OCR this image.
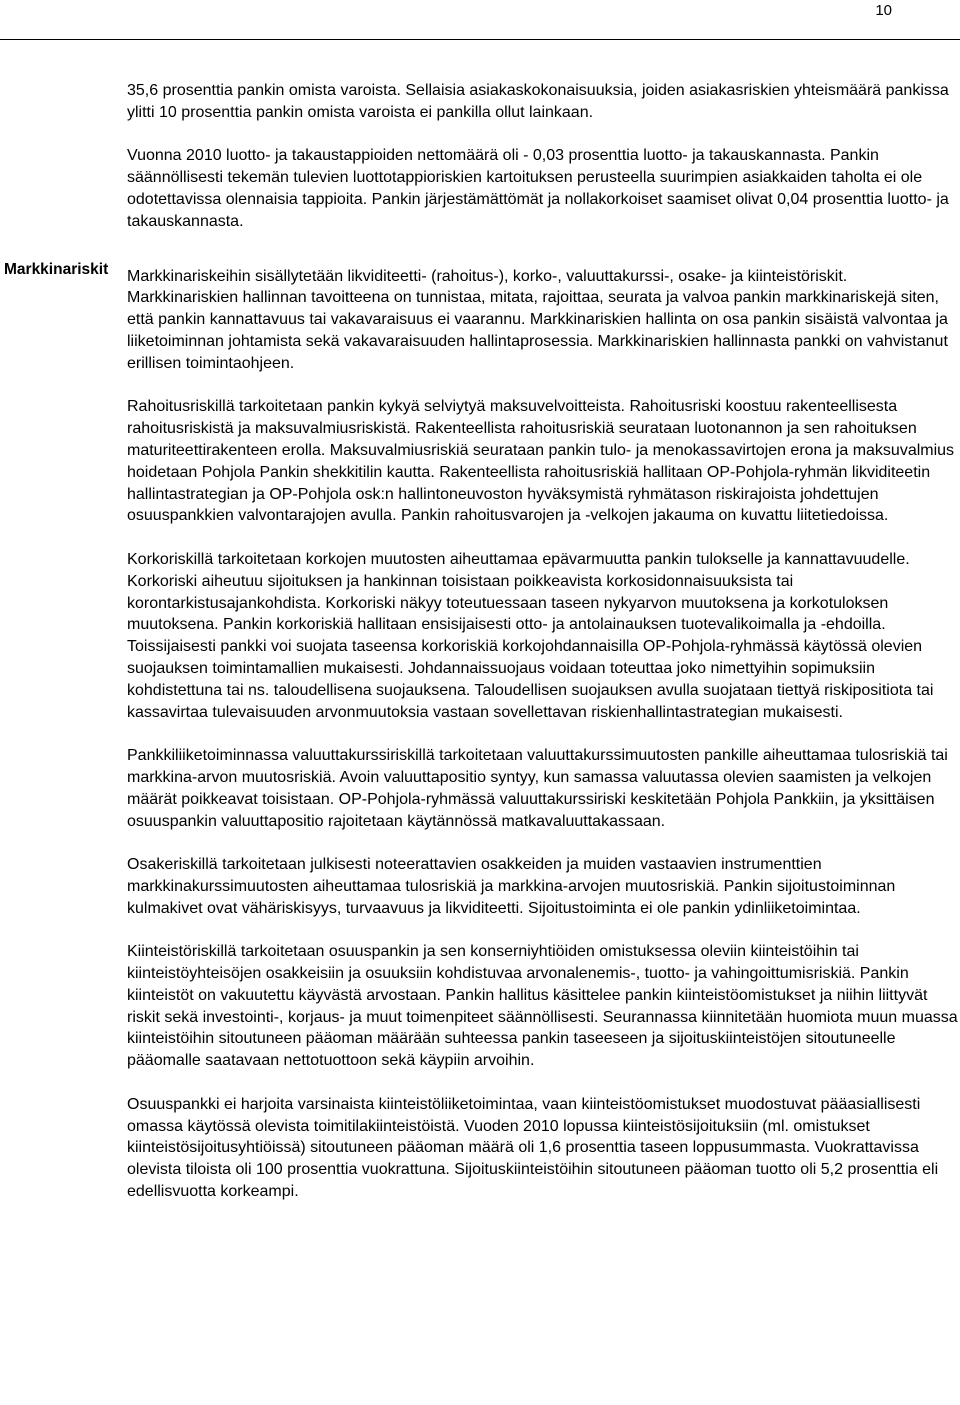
10
Markkinariskit

35,6 prosenttia pankin omista varoista. Sellaisia asiakaskokonaisuuksia, joiden asiakasriskien yhteismäärä pankissa ylitti 10 prosenttia pankin omista varoista ei pankilla ollut lainkaan.

Vuonna 2010 luotto- ja takaustappioiden nettomäärä oli - 0,03 prosenttia luotto- ja takauskannasta. Pankin säännöllisesti tekemän tulevien luottotappioriskien kartoituksen perusteella suurimpien asiakkaiden taholta ei ole odotettavissa olennaisia tappioita. Pankin järjestämättömät ja nollakorkoiset saamiset olivat 0,04 prosenttia luotto- ja takauskannasta.

Markkinariskeihin sisällytetään likviditeetti- (rahoitus-), korko-, valuuttakurssi-, osake- ja kiinteistöriskit. Markkinariskien hallinnan tavoitteena on tunnistaa, mitata, rajoittaa, seurata ja valvoa pankin markkinariskejä siten, että pankin kannattavuus tai vakavaraisuus ei vaarannu. Markkinariskien hallinta on osa pankin sisäistä valvontaa ja liiketoiminnan johtamista sekä vakavaraisuuden hallintaprosessia. Markkinariskien hallinnasta pankki on vahvistanut erillisen toimintaohjeen.

Rahoitusriskillä tarkoitetaan pankin kykyä selviytyä maksuvelvoitteista. Rahoitusriski koostuu rakenteellisesta rahoitusriskistä ja maksuvalmiusriskistä. Rakenteellista rahoitusriskiä seurataan luotonannon ja sen rahoituksen maturiteettirakenteen erolla. Maksuvalmiusriskiä seurataan pankin tulo- ja menokassavirtojen erona ja maksuvalmius hoidetaan Pohjola Pankin shekkitilin kautta. Rakenteellista rahoitusriskiä hallitaan OP-Pohjola-ryhmän likviditeetin hallintastrategian ja OP-Pohjola osk:n hallintoneuvoston hyväksymistä ryhmätason riskirajoista johdettujen osuuspankkien valvontarajojen avulla. Pankin rahoitusvarojen ja -velkojen jakauma on kuvattu liitetiedoissa.

Korkoriskillä tarkoitetaan korkojen muutosten aiheuttamaa epävarmuutta pankin tulokselle ja kannattavuudelle. Korkoriski aiheutuu sijoituksen ja hankinnan toisistaan poikkeavista korkosidonnaisuuksista tai korontarkistusajankohdista. Korkoriski näkyy toteutuessaan taseen nykyarvon muutoksena ja korkotuloksen muutoksena. Pankin korkoriskiä hallitaan ensisijaisesti otto- ja antolainauksen tuotevalikoimalla ja -ehdoilla. Toissijaisesti pankki voi suojata taseensa korkoriskiä korkojohdannaisilla OP-Pohjola-ryhmässä käytössä olevien suojauksen toimintamallien mukaisesti. Johdannaissuojaus voidaan toteuttaa joko nimettyihin sopimuksiin kohdistettuna tai ns. taloudellisena suojauksena. Taloudellisen suojauksen avulla suojataan tiettyä riskipositiota tai kassavirtaa tulevaisuuden arvonmuutoksia vastaan sovellettavan riskienhallintastrategian mukaisesti.

Pankkiliiketoiminnassa valuuttakurssiriskillä tarkoitetaan valuuttakurssimuutosten pankille aiheuttamaa tulosriskiä tai markkina-arvon muutosriskiä. Avoin valuuttapositio syntyy, kun samassa valuutassa olevien saamisten ja velkojen määrät poikkeavat toisistaan. OP-Pohjola-ryhmässä valuuttakurssiriski keskitetään Pohjola Pankkiin, ja yksittäisen osuuspankin valuuttapositio rajoitetaan käytännössä matkavaluuttakassaan.

Osakeriskillä tarkoitetaan julkisesti noteerattavien osakkeiden ja muiden vastaavien instrumenttien markkinakurssimuutosten aiheuttamaa tulosriskiä ja markkina-arvojen muutosriskiä. Pankin sijoitustoiminnan kulmakivet ovat vähäriskisyys, turvaavuus ja likviditeetti. Sijoitustoiminta ei ole pankin ydinliiketoimintaa.

Kiinteistöriskillä tarkoitetaan osuuspankin ja sen konserniyhtiöiden omistuksessa oleviin kiinteistöihin tai kiinteistöyhteisöjen osakkeisiin ja osuuksiin kohdistuvaa arvonalenemis-, tuotto- ja vahingoittumisriskiä. Pankin kiinteistöt on vakuutettu käyvästä arvostaan. Pankin hallitus käsittelee pankin kiinteistöomistukset ja niihin liittyvät riskit sekä investointi-, korjaus- ja muut toimenpiteet säännöllisesti. Seurannassa kiinnitetään huomiota muun muassa kiinteistöihin sitoutuneen pääoman määrään suhteessa pankin taseeseen ja sijoituskiinteistöjen sitoutuneelle pääomalle saatavaan nettotuottoon sekä käypiin arvoihin.

Osuuspankki ei harjoita varsinaista kiinteistöliiketoimintaa, vaan kiinteistöomistukset muodostuvat pääasiallisesti omassa käytössä olevista toimitilakiinteistöistä. Vuoden 2010 lopussa kiinteistösijoituksiin (ml. omistukset kiinteistösijoitusyhtiöissä) sitoutuneen pääoman määrä oli 1,6 prosenttia taseen loppusummasta. Vuokrattavissa olevista tiloista oli 100 prosenttia vuokrattuna. Sijoituskiinteistöihin sitoutuneen pääoman tuotto oli 5,2 prosenttia eli edellisvuotta korkeampi.
